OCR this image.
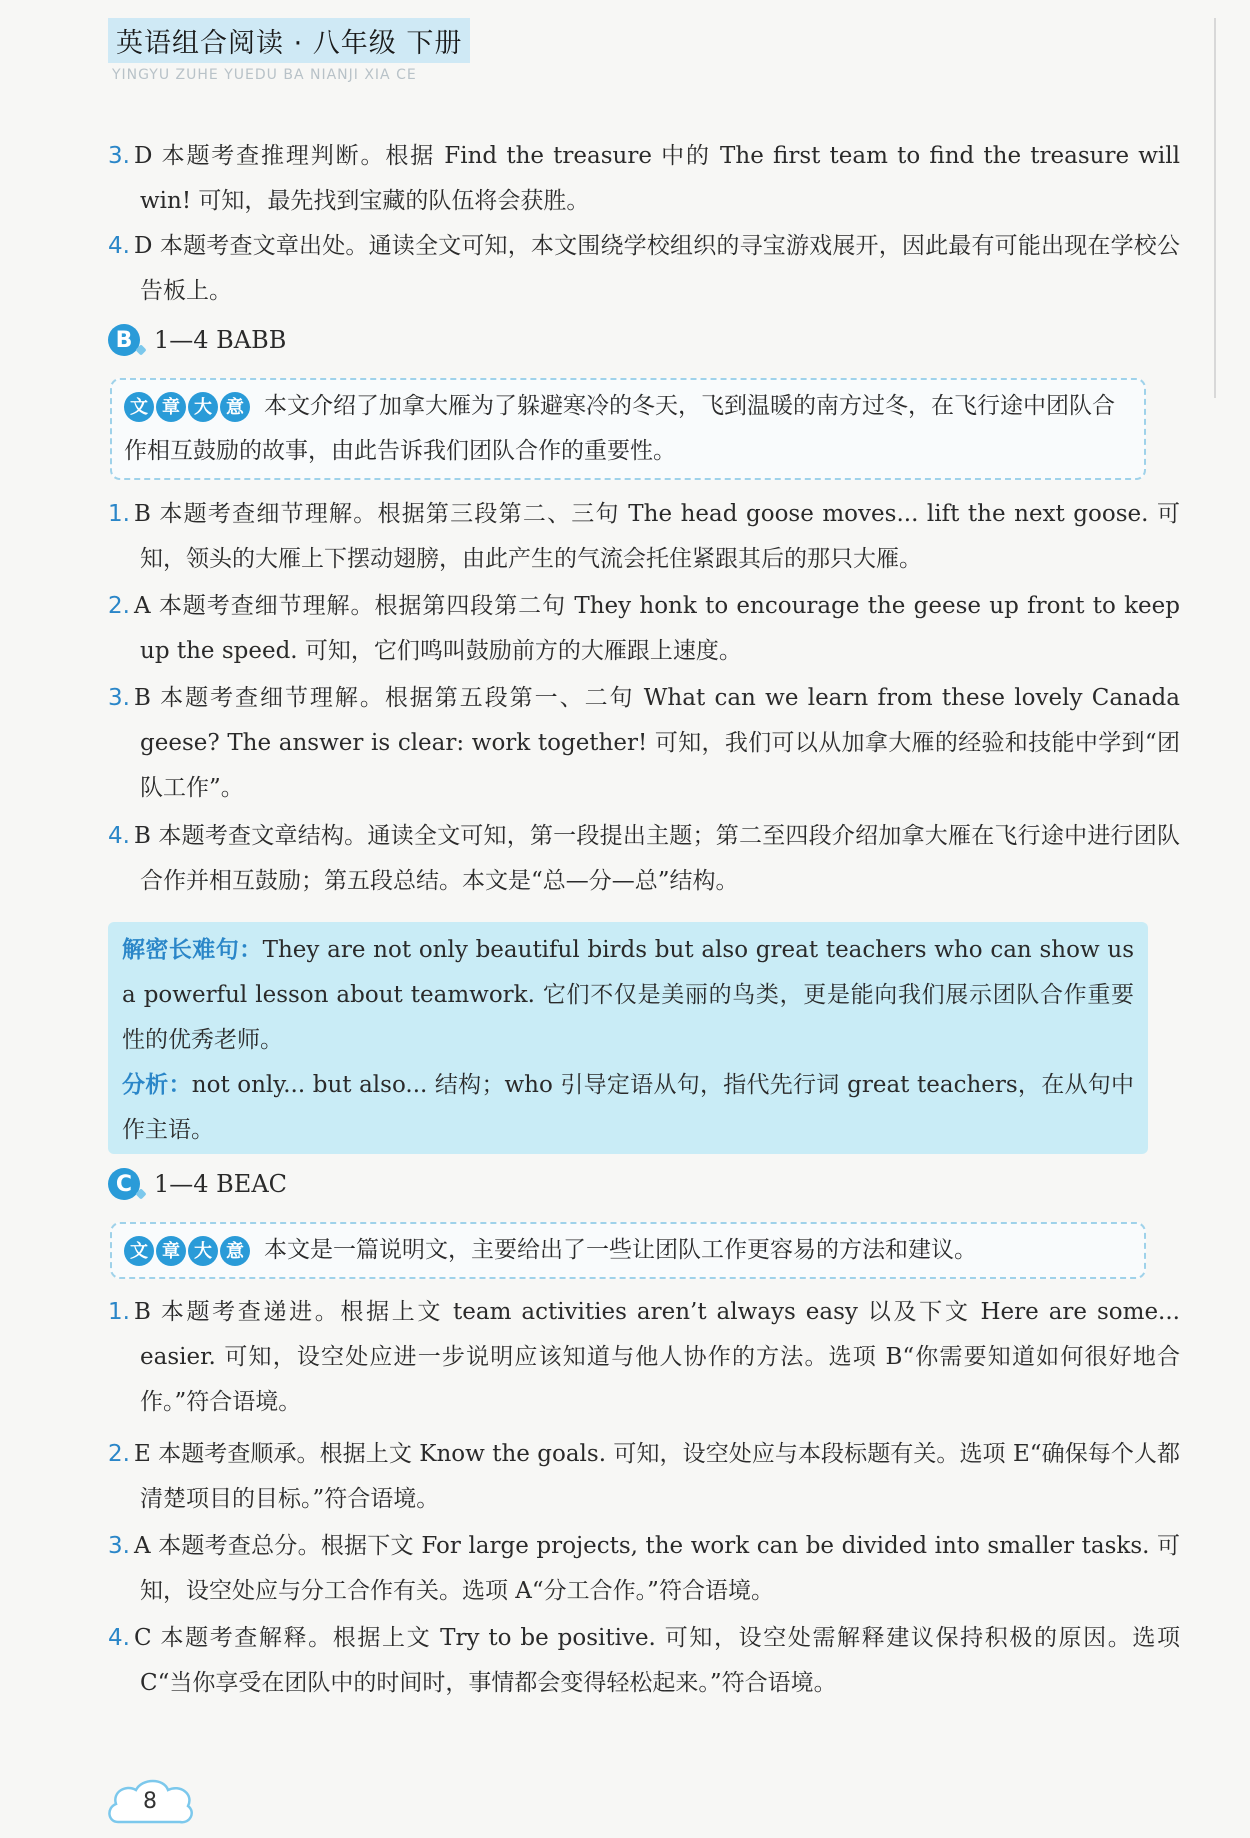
英语组合阅读 · 八年级 下册
YINGYU ZUHE YUEDU BA NIANJI XIA CE
3. D 本题考查推理判断。根据 Find the treasure 中的 The first team to find the treasure will win! 可知，最先找到宝藏的队伍将会获胜。
4. D 本题考查文章出处。通读全文可知，本文围绕学校组织的寻宝游戏展开，因此最有可能出现在学校公告板上。
B 1—4 BABB
文 章 大 意 本文介绍了加拿大雁为了躲避寒冷的冬天，飞到温暖的南方过冬，在飞行途中团队合作相互鼓励的故事，由此告诉我们团队合作的重要性。
1. B 本题考查细节理解。根据第三段第二、三句 The head goose moves... lift the next goose. 可知，领头的大雁上下摆动翅膀，由此产生的气流会托住紧跟其后的那只大雁。
2. A 本题考查细节理解。根据第四段第二句 They honk to encourage the geese up front to keep up the speed. 可知，它们鸣叫鼓励前方的大雁跟上速度。
3. B 本题考查细节理解。根据第五段第一、二句 What can we learn from these lovely Canada geese? The answer is clear: work together! 可知，我们可以从加拿大雁的经验和技能中学到“团队工作”。
4. B 本题考查文章结构。通读全文可知，第一段提出主题；第二至四段介绍加拿大雁在飞行途中进行团队合作并相互鼓励；第五段总结。本文是“总—分—总”结构。
解密长难句：They are not only beautiful birds but also great teachers who can show us a powerful lesson about teamwork. 它们不仅是美丽的鸟类，更是能向我们展示团队合作重要性的优秀老师。
分析：not only... but also... 结构；who 引导定语从句，指代先行词 great teachers，在从句中作主语。
C 1—4 BEAC
文 章 大 意 本文是一篇说明文，主要给出了一些让团队工作更容易的方法和建议。
1. B 本题考查递进。根据上文 team activities aren’t always easy 以及下文 Here are some... easier. 可知，设空处应进一步说明应该知道与他人协作的方法。选项 B“你需要知道如何很好地合作。”符合语境。
2. E 本题考查顺承。根据上文 Know the goals. 可知，设空处应与本段标题有关。选项 E“确保每个人都清楚项目的目标。”符合语境。
3. A 本题考查总分。根据下文 For large projects, the work can be divided into smaller tasks. 可知，设空处应与分工合作有关。选项 A“分工合作。”符合语境。
4. C 本题考查解释。根据上文 Try to be positive. 可知，设空处需解释建议保持积极的原因。选项 C“当你享受在团队中的时间时，事情都会变得轻松起来。”符合语境。
8
